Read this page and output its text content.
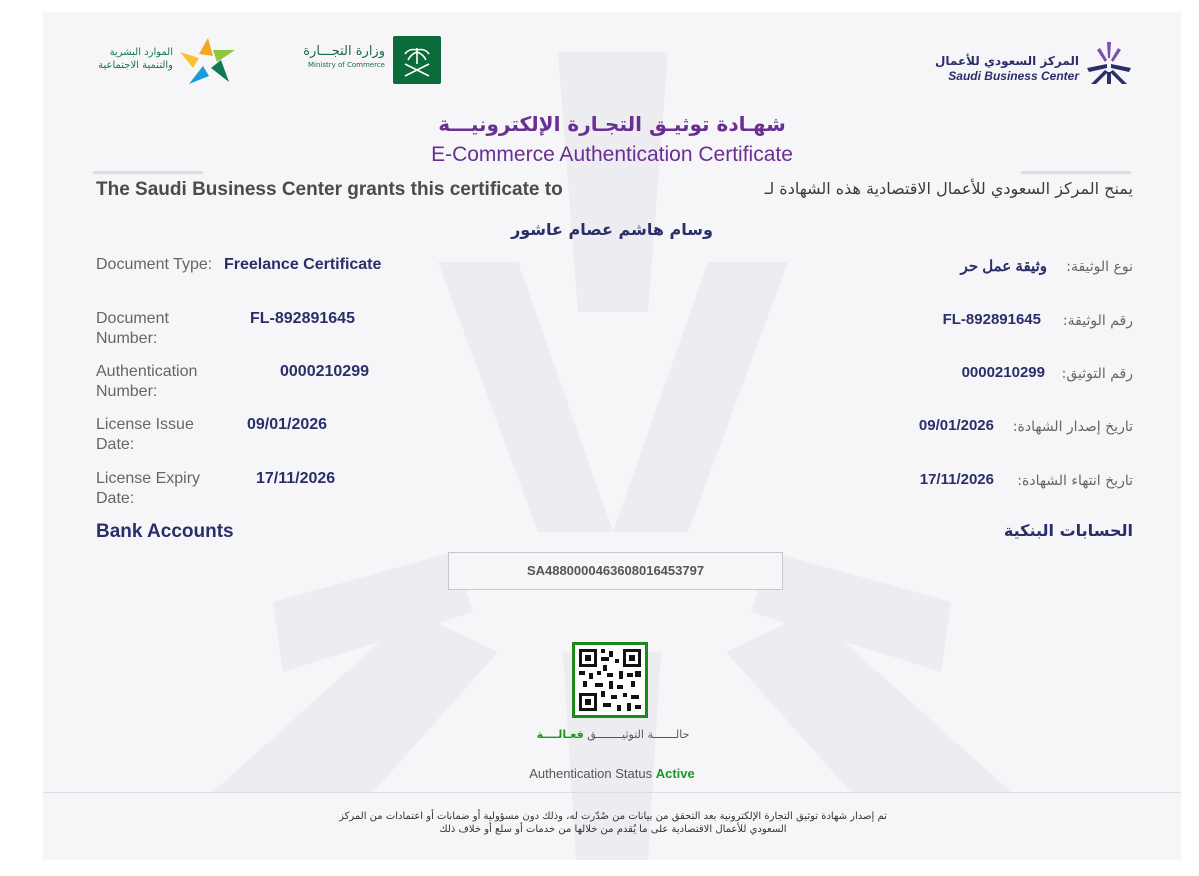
الموارد البشرية والتنمية الاجتماعية
وزارة التجـــارة
Ministry of Commerce	المركز السعودي للأعمال
Saudi Business Center
شهـادة توثيـق التجـارة الإلكترونيـــة
E-Commerce Authentication Certificate
The Saudi Business Center grants this certificate to	يمنح المركز السعودي للأعمال الاقتصادية هذه الشهادة لـ
وسام هاشم عصام عاشور
Document Type: Freelance Certificate	وثيقة عمل حر نوع الوثيقة:
Document Number:
FL-892891645	FL-892891645 رقم الوثيقة:
Authentication Number:
0000210299	0000210299 رقم التوثيق:
License Issue Date:
09/01/2026	09/01/2026 تاريخ إصدار الشهادة:
License Expiry Date:
17/11/2026	17/11/2026 تاريخ انتهاء الشهادة:
Bank Accounts	الحسابات البنكية
SA4880000463608016453797
حالـــــــة التوثيــــــــق فعـالــــة
Authentication Status Active
تم إصدار شهادة توثيق التجارة الإلكترونية بعد التحقق من بيانات من صُدّرت له، وذلك دون مسؤولية أو ضمانات أو اعتمادات من المركز
السعودي للأعمال الاقتصادية على ما يُقدم من خلالها من خدمات أو سلع أو خلاف ذلك
